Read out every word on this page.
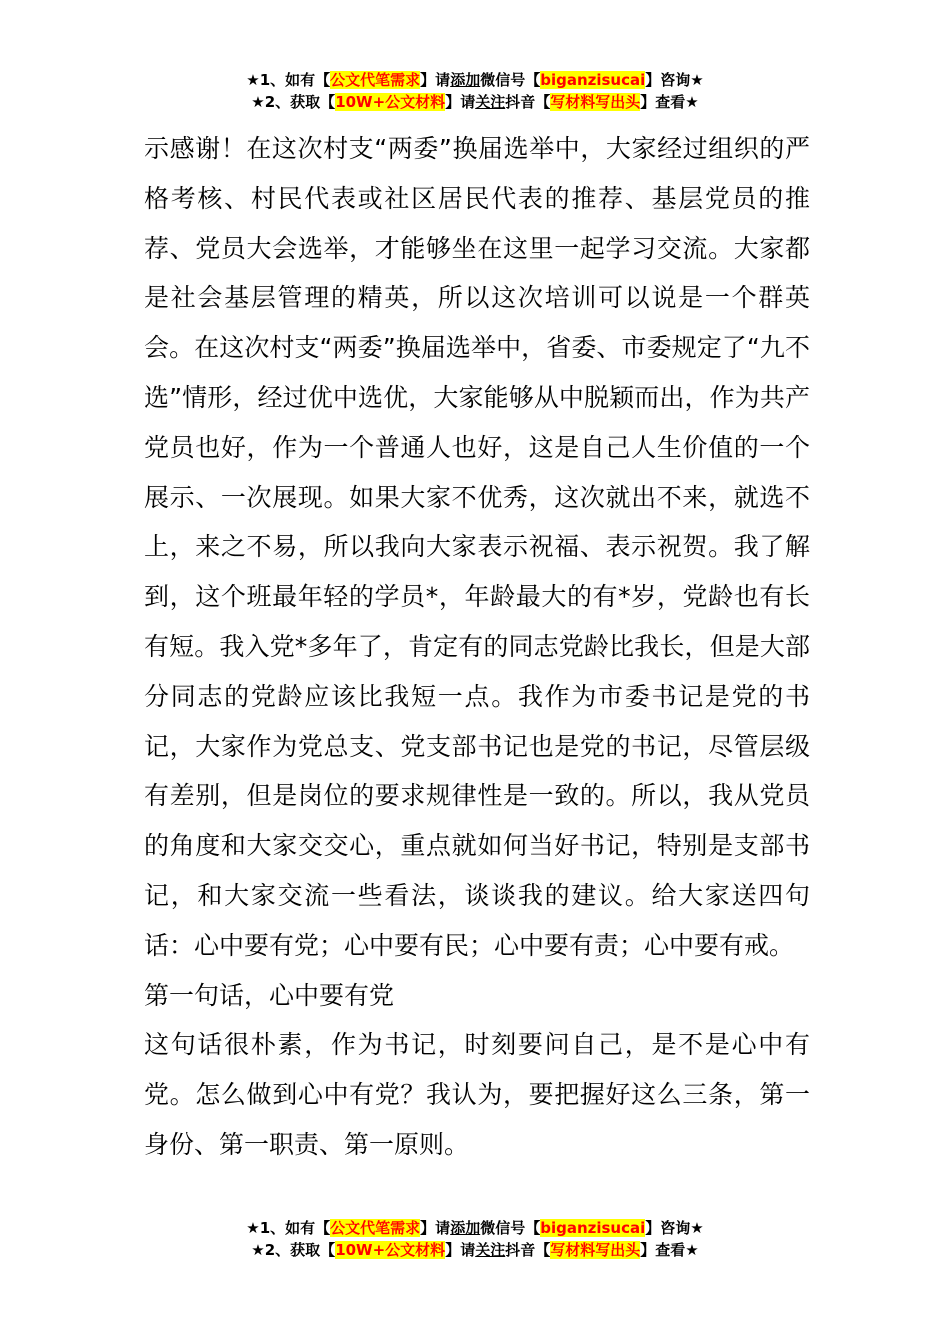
★1、如有【公文代笔需求】请添加微信号【biganzisucai】咨询★
★2、获取【10W+公文材料】请关注抖音【写材料写出头】查看★

示感谢！在这次村支“两委”换届选举中，大家经过组织的严格考核、村民代表或社区居民代表的推荐、基层党员的推荐、党员大会选举，才能够坐在这里一起学习交流。大家都是社会基层管理的精英，所以这次培训可以说是一个群英会。在这次村支“两委”换届选举中，省委、市委规定了“九不选”情形，经过优中选优，大家能够从中脱颖而出，作为共产党员也好，作为一个普通人也好，这是自己人生价值的一个展示、一次展现。如果大家不优秀，这次就出不来，就选不上，来之不易，所以我向大家表示祝福、表示祝贺。我了解到，这个班最年轻的学员*，年龄最大的有*岁，党龄也有长有短。我入党*多年了，肯定有的同志党龄比我长，但是大部分同志的党龄应该比我短一点。我作为市委书记是党的书记，大家作为党总支、党支部书记也是党的书记，尽管层级有差别，但是岗位的要求规律性是一致的。所以，我从党员的角度和大家交交心，重点就如何当好书记，特别是支部书记，和大家交流一些看法，谈谈我的建议。给大家送四句话：心中要有党；心中要有民；心中要有责；心中要有戒。

第一句话，心中要有党

这句话很朴素，作为书记，时刻要问自己，是不是心中有党。怎么做到心中有党？我认为，要把握好这么三条，第一身份、第一职责、第一原则。

★1、如有【公文代笔需求】请添加微信号【biganzisucai】咨询★
★2、获取【10W+公文材料】请关注抖音【写材料写出头】查看★
